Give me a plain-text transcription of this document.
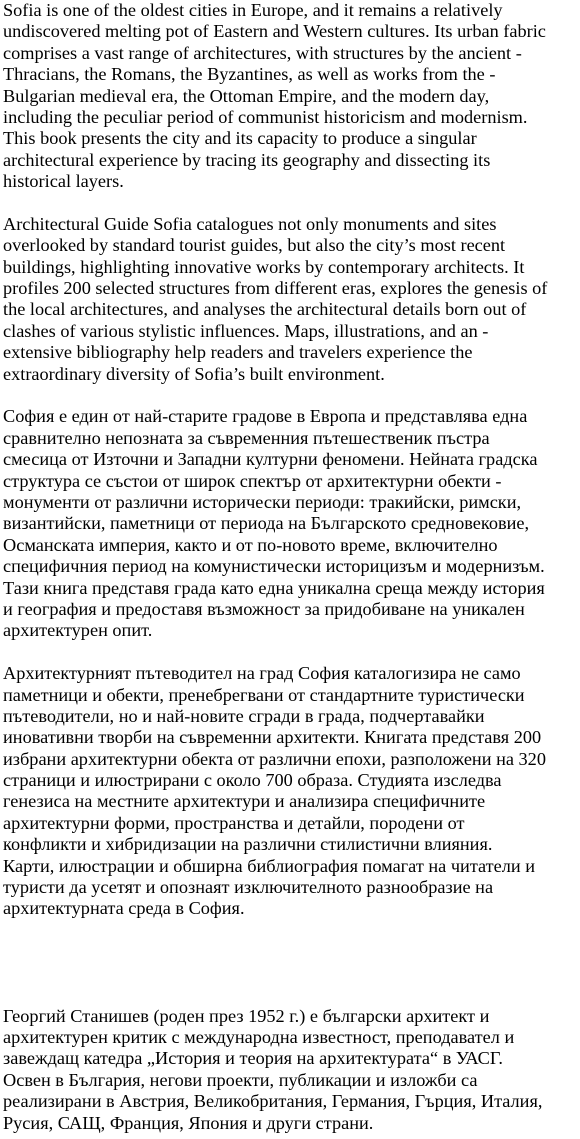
Sofia is one of the oldest cities in Europe, and it remains a relatively
undiscovered melting pot of Eastern and Western cultures. Its urban fabric
comprises a vast range of architectures, with structures by the ancient -
Thracians, the Romans, the Byzantines, as well as works from the -
Bulgarian medieval era, the Ottoman Empire, and the modern day,
including the peculiar period of communist historicism and modernism.
This book presents the city and its capacity to produce a singular
architectural experience by tracing its geography and dissecting its
historical layers.
Architectural Guide Sofia catalogues not only monuments and sites
overlooked by standard tourist guides, but also the city’s most recent
buildings, highlighting innovative works by contemporary architects. It
profiles 200 selected structures from different eras, explores the genesis of
the local architectures, and analyses the architectural details born out of
clashes of various stylistic influences. Maps, illustrations, and an -
extensive bibliography help readers and travelers experience the
extraordinary diversity of Sofia’s built environment.
София е един от най-старите градове в Европа и представлява една
сравнително непозната за съвременния пътешественик пъстра
смесица от Източни и Западни културни феномени. Нейната градска
структура се състои от широк спектър от архитектурни обекти -
монументи от различни исторически периоди: тракийски, римски,
византийски, паметници от периода на Българското средновековие,
Османската империя, както и от по-новото време, включително
специфичния период на комунистически историцизъм и модернизъм.
Тази книга представя града като една уникална среща между история
и география и предоставя възможност за придобиване на уникален
архитектурен опит.
Архитектурният пътеводител на град София каталогизира не само
паметници и обекти, пренебрегвани от стандартните туристически
пътеводители, но и най-новите сгради в града, подчертавайки
иновативни творби на съвременни архитекти. Книгата представя 200
избрани архитектурни обекта от различни епохи, разположени на 320
страници и илюстрирани с около 700 образа. Студията изследва
генезиса на местните архитектури и анализира специфичните
архитектурни форми, пространства и детайли, породени от
конфликти и хибридизации на различни стилистични влияния.
Карти, илюстрации и обширна библиография помагат на читатели и
туристи да усетят и опознаят изключителното разнообразие на
архитектурната среда в София.
Георгий Станишев (роден през 1952 г.) е български архитект и
архитектурен критик с международна известност, преподавател и
завеждащ катедра „История и теория на архитектурата“ в УАСГ.
Освен в България, негови проекти, публикации и изложби са
реализирани в Австрия, Великобритания, Германия, Гърция, Италия,
Русия, САЩ, Франция, Япония и други страни.
